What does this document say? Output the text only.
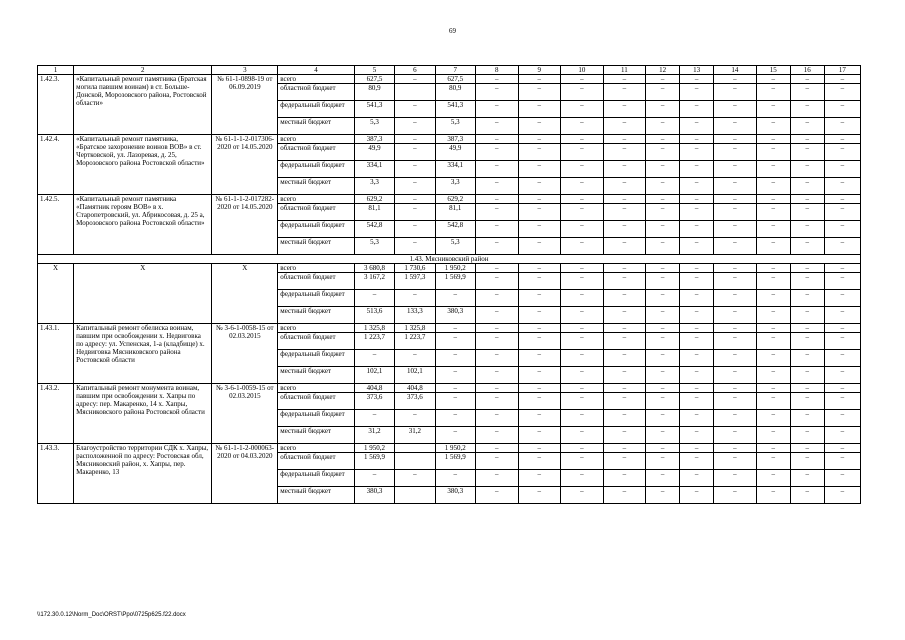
69
1	2	3	4	5	6	7	8	9	10	11	12	13	14	15	16	17
1.42.3.	«Капитальный ремонт памятника (Братская могила павшим воинам) в ст. Больше-Донской, Морозовского района, Ростовской области»	№ 61-1-0898-19 от 06.09.2019	всего	627,5	–	627,5	–	–	–	–	–	–	–	–	–	–
			областной бюджет	80,9		80,9	–	–	–	–	–	–	–	–	–	–
			федеральный бюджет	541,3	–	541,3	–	–	–	–	–	–	–	–	–	–
			местный бюджет	5,3	–	5,3	–	–	–	–	–	–	–	–	–	–
1.42.4.	«Капитальный ремонт памятника, «Братское захоронение воинов ВОВ» в ст. Чертковской, ул. Лазоревая, д. 25, Морозовского района Ростовской области»	№ 61-1-1-2-017306-2020 от 14.05.2020	всего	387,3	–	387,3	–	–	–	–	–	–	–	–	–	–
			областной бюджет	49,9	–	49,9	–	–	–	–	–	–	–	–	–	–
			федеральный бюджет	334,1	–	334,1	–	–	–	–	–	–	–	–	–	–
			местный бюджет	3,3	–	3,3	–	–	–	–	–	–	–	–	–	–
1.42.5.	«Капитальный ремонт памятника «Памятник героям ВОВ» в х. Старопетровский, ул. Абрикосовая, д. 25 а, Морозовского района Ростовской области»	№ 61-1-1-2-017282-2020 от 14.05.2020	всего	629,2	–	629,2	–	–	–	–	–	–	–	–	–	–
			областной бюджет	81,1	–	81,1	–	–	–	–	–	–	–	–	–	–
			федеральный бюджет	542,8	–	542,8	–	–	–	–	–	–	–	–	–	–
			местный бюджет	5,3	–	5,3	–	–	–	–	–	–	–	–	–	–
1.43. Мясниковский район																
X	X	X	всего	3 680,8	1 730,6	1 950,2	–	–	–	–	–	–	–	–	–	–
			областной бюджет	3 167,2	1 597,3	1 569,9	–	–	–	–	–	–	–	–	–	–
			федеральный бюджет	–	–	–	–	–	–	–	–	–	–	–	–	–
			местный бюджет	513,6	133,3	380,3	–	–	–	–	–	–	–	–	–	–
1.43.1.	Капитальный ремонт обелиска воинам, павшим при освобождении х. Недвиговка по адресу: ул. Успенская, 1-а (кладбище) х. Недвиговка Мясниковского района Ростовской области	№ 3-6-1-0058-15 от 02.03.2015	всего	1 325,8	1 325,8	–	–	–	–	–	–	–	–	–	–	–
			областной бюджет	1 223,7	1 223,7	–	–	–	–	–	–	–	–	–	–	–
			федеральный бюджет	–	–	–	–	–	–	–	–	–	–	–	–	–
			местный бюджет	102,1	102,1	–	–	–	–	–	–	–	–	–	–	–
1.43.2.	Капитальный ремонт монумента воинам, павшим при освобождении х. Хапры по адресу: пер. Макаренко, 14 х. Хапры, Мясниковского района Ростовской области	№ 3-6-1-0059-15 от 02.03.2015	всего	404,8	404,8	–	–	–	–	–	–	–	–	–	–	–
			областной бюджет	373,6	373,6	–	–	–	–	–	–	–	–	–	–	–
			федеральный бюджет	–	–	–	–	–	–	–	–	–	–	–	–	–
			местный бюджет	31,2	31,2	–	–	–	–	–	–	–	–	–	–	–
1.43.3.	Благоустройство территории СДК х. Хапры, расположенной по адресу: Ростовская обл, Мясниковский район, х. Хапры, пер. Макаренко, 13	№ 61-1-1-2-000063-2020 от 04.03.2020	всего	1 950,2		1 950,2	–	–	–	–	–	–	–	–	–	–
			областной бюджет	1 569,9		1 569,9	–	–	–	–	–	–	–	–	–	–
			федеральный бюджет	–	–	–	–	–	–	–	–	–	–	–	–	–
			местный бюджет	380,3		380,3	–	–	–	–	–	–	–	–	–	–
\\172.30.0.12\Norm_Doc\ORST\Ppo\0725p625.f22.docx
